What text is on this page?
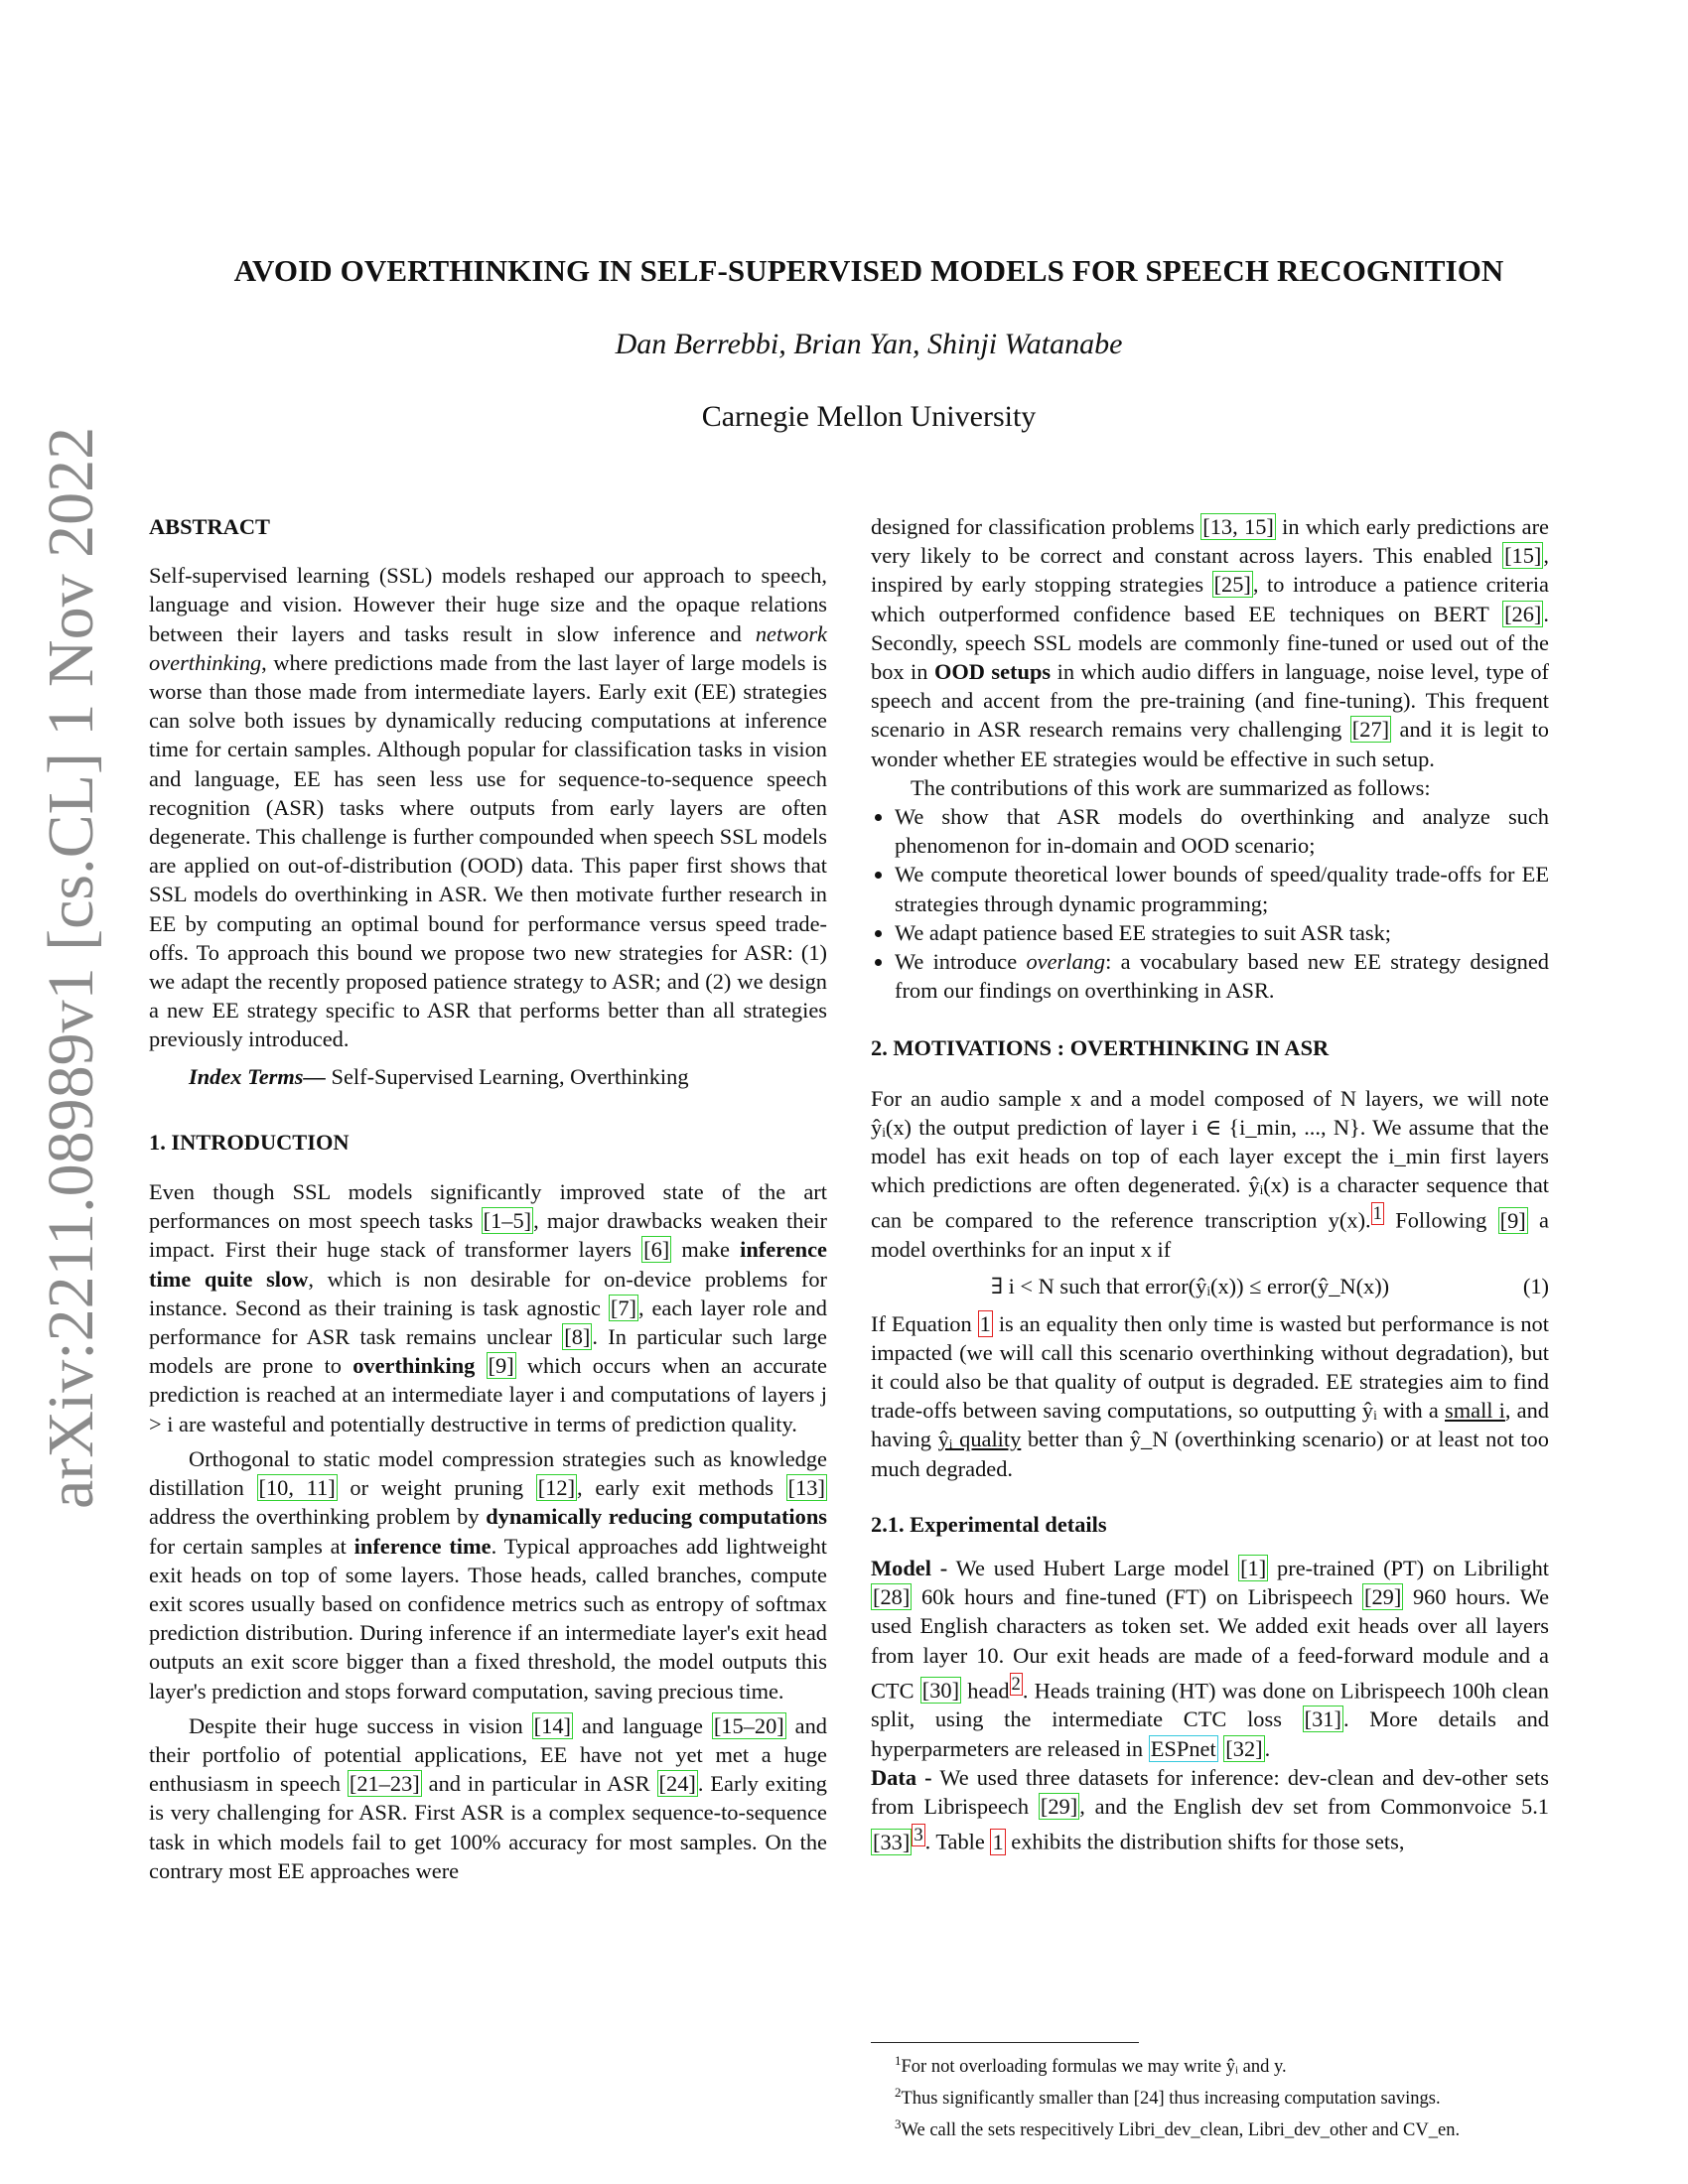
arXiv:2211.08989v1 [cs.CL] 1 Nov 2022
AVOID OVERTHINKING IN SELF-SUPERVISED MODELS FOR SPEECH RECOGNITION
Dan Berrebbi, Brian Yan, Shinji Watanabe
Carnegie Mellon University

ABSTRACT

Self-supervised learning (SSL) models reshaped our approach to speech, language and vision. However their huge size and the opaque relations between their layers and tasks result in slow inference and network overthinking, where predictions made from the last layer of large models is worse than those made from intermediate layers. Early exit (EE) strategies can solve both issues by dynamically reducing computations at inference time for certain samples. Although popular for classification tasks in vision and language, EE has seen less use for sequence-to-sequence speech recognition (ASR) tasks where outputs from early layers are often degenerate. This challenge is further compounded when speech SSL models are applied on out-of-distribution (OOD) data. This paper first shows that SSL models do overthinking in ASR. We then motivate further research in EE by computing an optimal bound for performance versus speed trade-offs. To approach this bound we propose two new strategies for ASR: (1) we adapt the recently proposed patience strategy to ASR; and (2) we design a new EE strategy specific to ASR that performs better than all strategies previously introduced.

Index Terms— Self-Supervised Learning, Overthinking

1. INTRODUCTION

Even though SSL models significantly improved state of the art performances on most speech tasks [1–5], major drawbacks weaken their impact. First their huge stack of transformer layers [6] make inference time quite slow, which is non desirable for on-device problems for instance. Second as their training is task agnostic [7], each layer role and performance for ASR task remains unclear [8]. In particular such large models are prone to overthinking [9] which occurs when an accurate prediction is reached at an intermediate layer i and computations of layers j > i are wasteful and potentially destructive in terms of prediction quality.

Orthogonal to static model compression strategies such as knowledge distillation [10, 11] or weight pruning [12], early exit methods [13] address the overthinking problem by dynamically reducing computations for certain samples at inference time. Typical approaches add lightweight exit heads on top of some layers. Those heads, called branches, compute exit scores usually based on confidence metrics such as entropy of softmax prediction distribution. During inference if an intermediate layer's exit head outputs an exit score bigger than a fixed threshold, the model outputs this layer's prediction and stops forward computation, saving precious time.

Despite their huge success in vision [14] and language [15–20] and their portfolio of potential applications, EE have not yet met a huge enthusiasm in speech [21–23] and in particular in ASR [24]. Early exiting is very challenging for ASR. First ASR is a complex sequence-to-sequence task in which models fail to get 100% accuracy for most samples. On the contrary most EE approaches were

designed for classification problems [13, 15] in which early predictions are very likely to be correct and constant across layers. This enabled [15], inspired by early stopping strategies [25], to introduce a patience criteria which outperformed confidence based EE techniques on BERT [26]. Secondly, speech SSL models are commonly fine-tuned or used out of the box in OOD setups in which audio differs in language, noise level, type of speech and accent from the pre-training (and fine-tuning). This frequent scenario in ASR research remains very challenging [27] and it is legit to wonder whether EE strategies would be effective in such setup.

The contributions of this work are summarized as follows:

• We show that ASR models do overthinking and analyze such phenomenon for in-domain and OOD scenario;
• We compute theoretical lower bounds of speed/quality trade-offs for EE strategies through dynamic programming;
• We adapt patience based EE strategies to suit ASR task;
• We introduce overlang: a vocabulary based new EE strategy designed from our findings on overthinking in ASR.

2. MOTIVATIONS : OVERTHINKING IN ASR

For an audio sample x and a model composed of N layers, we will note ŷᵢ(x) the output prediction of layer i ∈ {i_min, ..., N}. We assume that the model has exit heads on top of each layer except the i_min first layers which predictions are often degenerated. ŷᵢ(x) is a character sequence that can be compared to the reference transcription y(x). $^1$ Following [9] a model overthinks for an input x if

∃ i < N such that error(ŷᵢ(x)) ≤ error(ŷ_N(x))	(1)

If Equation 1 is an equality then only time is wasted but performance is not impacted (we will call this scenario overthinking without degradation), but it could also be that quality of output is degraded. EE strategies aim to find trade-offs between saving computations, so outputting ŷᵢ with a small i, and having ŷᵢ quality better than ŷ_N (overthinking scenario) or at least not too much degraded.

2.1. Experimental details

Model - We used Hubert Large model [1] pre-trained (PT) on Librilight [28] 60k hours and fine-tuned (FT) on Librispeech [29] 960 hours. We used English characters as token set. We added exit heads over all layers from layer 10. Our exit heads are made of a feed-forward module and a CTC [30] head $^2$. Heads training (HT) was done on Librispeech 100h clean split, using the intermediate CTC loss [31]. More details and hyperparmeters are released in ESPnet [32].

Data - We used three datasets for inference: dev-clean and dev-other sets from Librispeech [29], and the English dev set from Commonvoice 5.1 [33] $^3$. Table 1 exhibits the distribution shifts for those sets,

$^1$For not overloading formulas we may write ŷᵢ and y.

$^2$Thus significantly smaller than [24] thus increasing computation savings.

$^3$We call the sets respecitively Libri_dev_clean, Libri_dev_other and CV_en.
